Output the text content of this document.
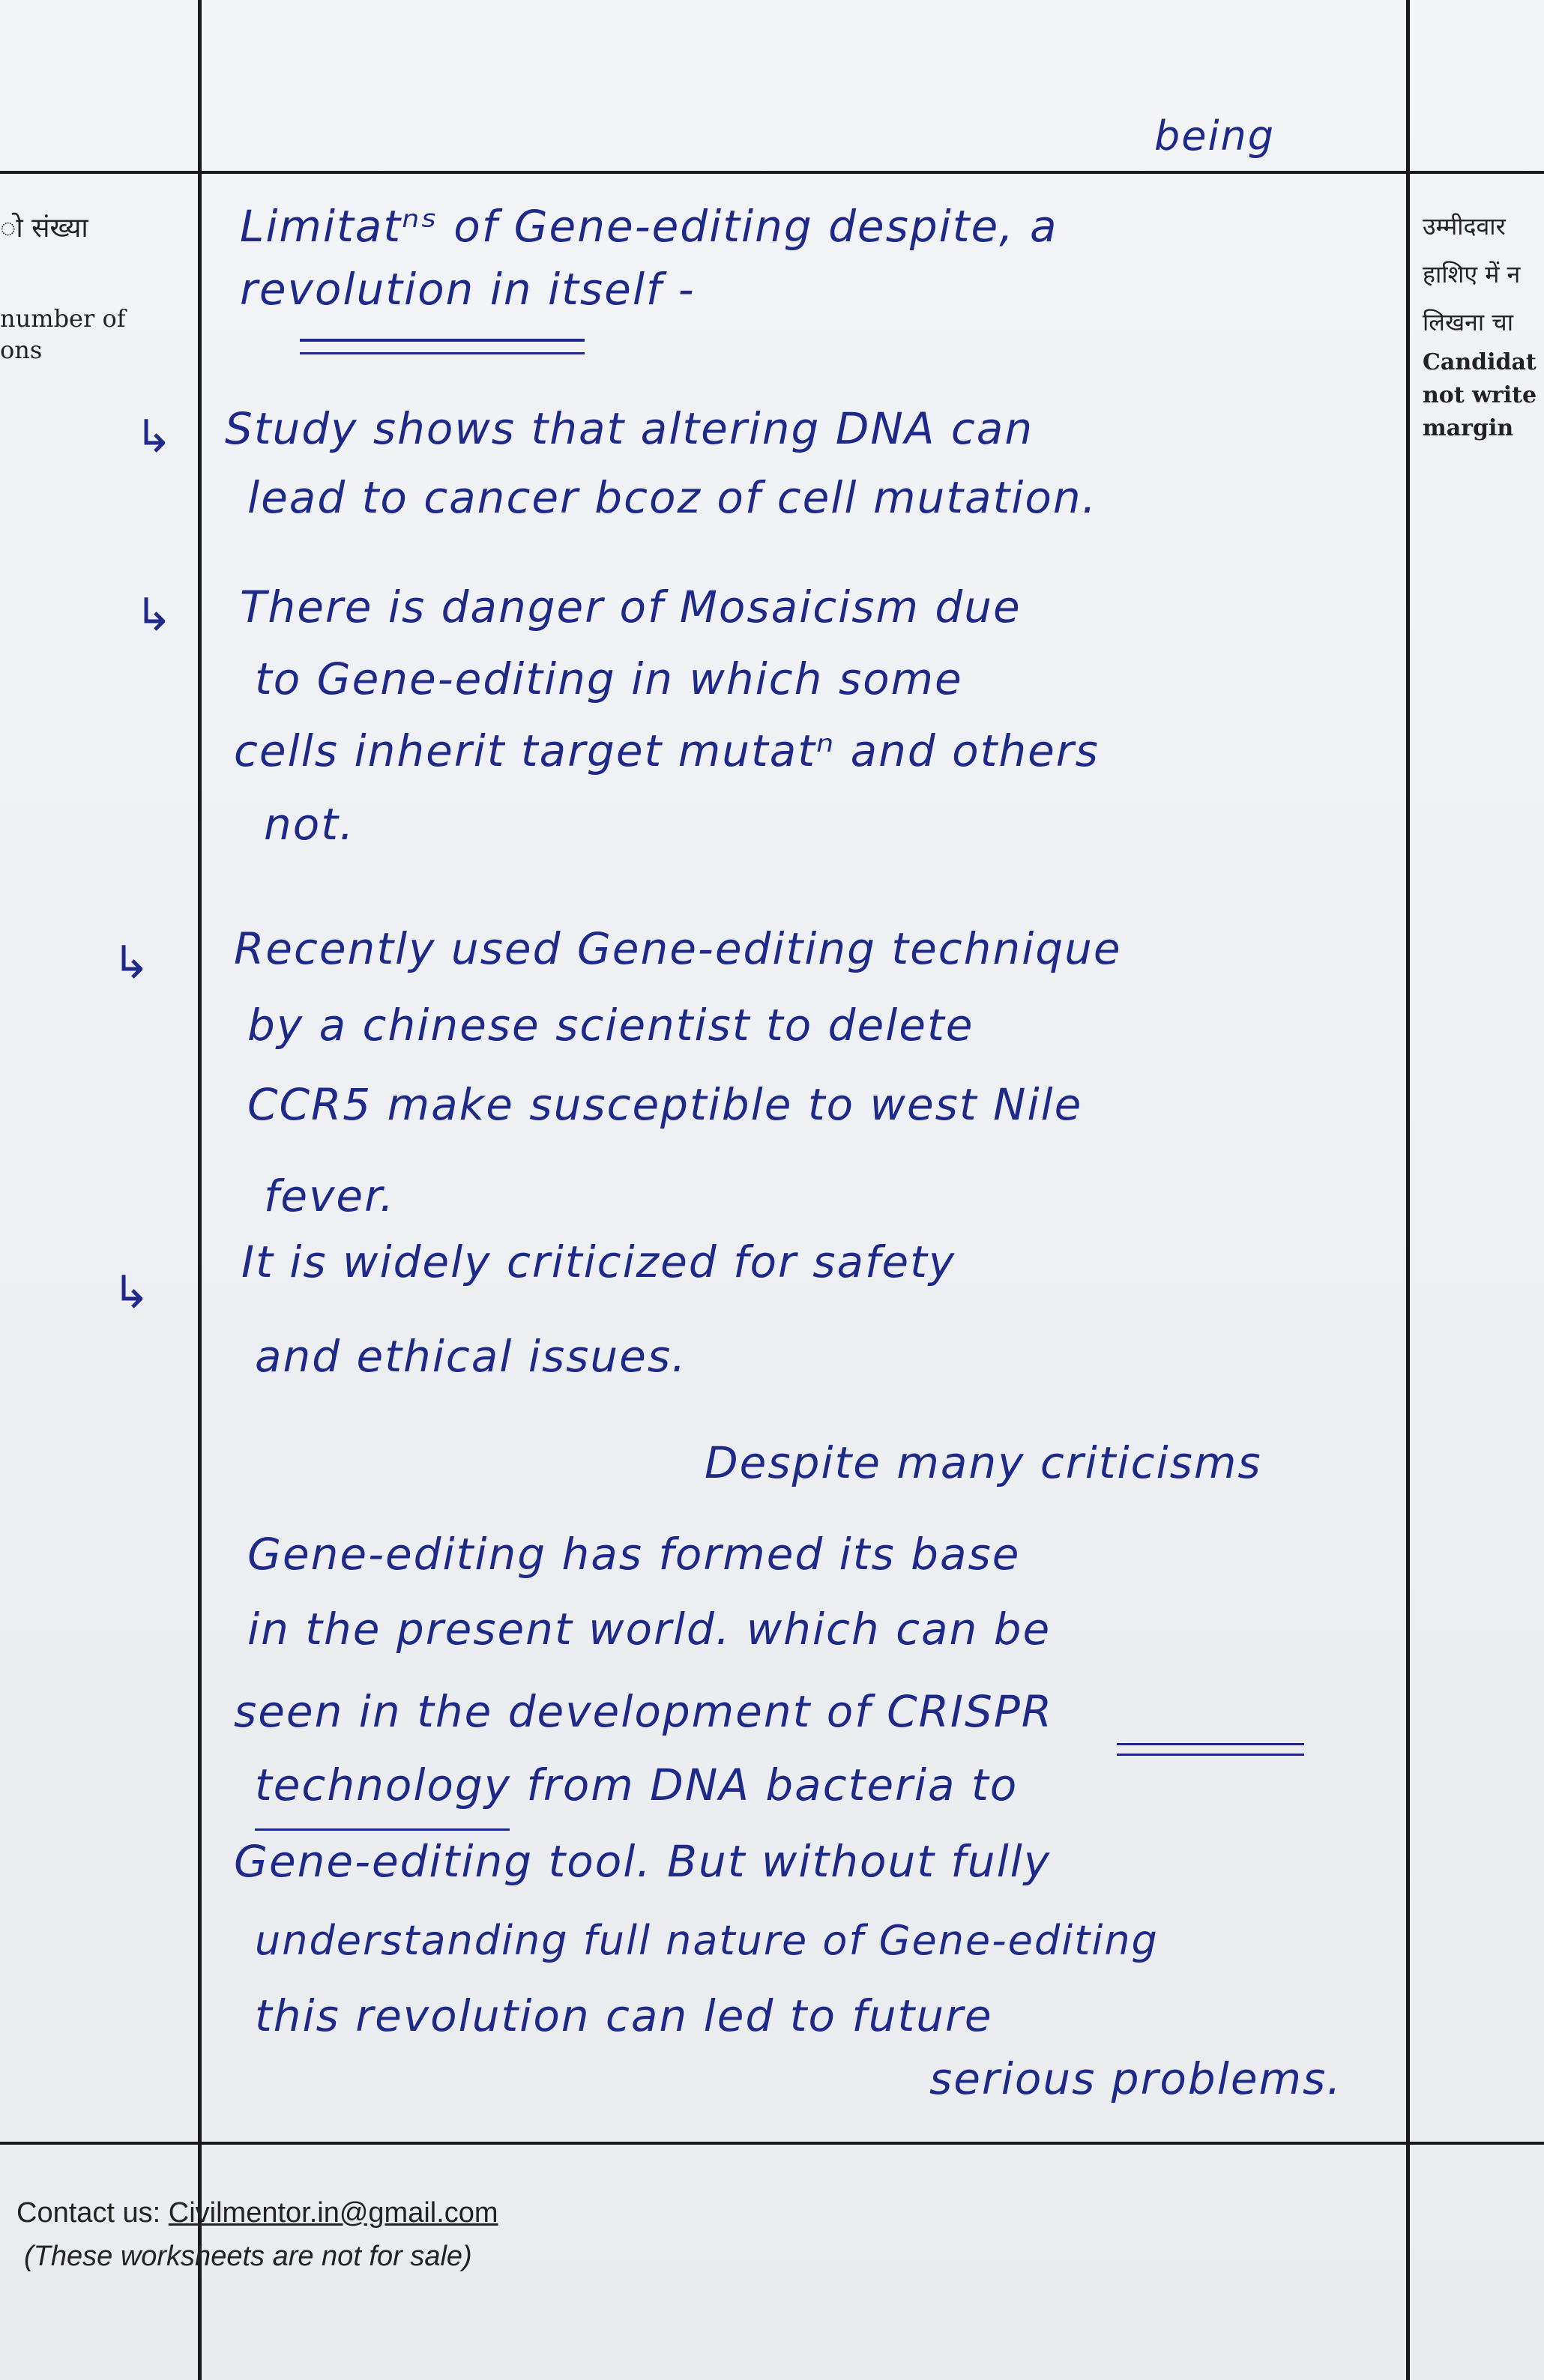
ो संख्या
number of
ons
उम्मीदवार
हाशिए में न
लिखना चा
Candidat
not write
margin
being
Limitatⁿˢ of Gene-editing despite, a
revolution in itself -
Study shows that altering DNA can
lead to cancer bcoz of cell mutation.
There is danger of Mosaicism due
to Gene-editing in which some
cells inherit target mutatⁿ and others
not.
Recently used Gene-editing technique
by a chinese scientist to delete
CCR5 make susceptible to west Nile
fever.
It is widely criticized for safety
and ethical issues.
Despite many criticisms
Gene-editing has formed its base
in the present world. which can be
seen in the development of CRISPR
technology from DNA bacteria to
Gene-editing tool. But without fully
understanding full nature of Gene-editing
this revolution can led to future
serious problems.
↳
↳
↳
↳
Contact us: Civilmentor.in@gmail.com
(These worksheets are not for sale)
